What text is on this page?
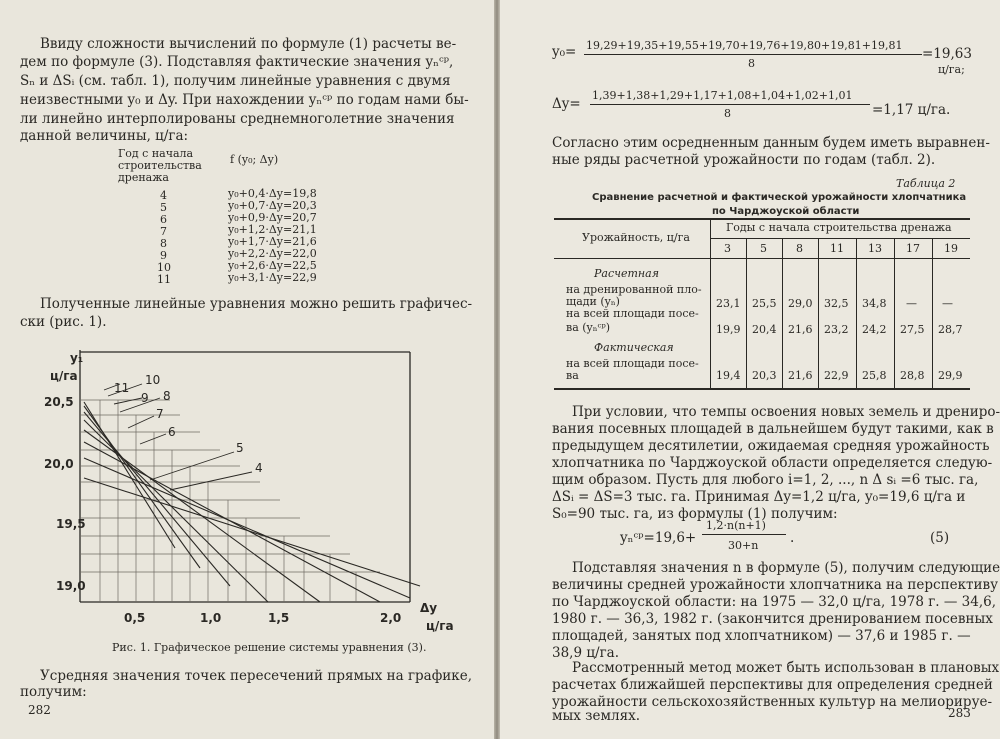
Ввиду сложности вычислений по формуле (1) расчеты ве-
дем по формуле (3). Подставляя фактические значения yₙᶜᵖ,
Sₙ и ΔSᵢ (см. табл. 1), получим линейные уравнения с двумя
неизвестными y₀ и Δy. При нахождении yₙᶜᵖ по годам нами бы-
ли линейно интерполированы среднемноголетние значения
данной величины, ц/га:
Год с начала
строительства
дренажа
f (y₀; Δy)
4	y₀+0,4·Δy=19,8
5	y₀+0,7·Δy=20,3
6	y₀+0,9·Δy=20,7
7	y₀+1,2·Δy=21,1
8	y₀+1,7·Δy=21,6
9	y₀+2,2·Δy=22,0
10	y₀+2,6·Δy=22,5
11	y₀+3,1·Δy=22,9
Полученные линейные уравнения можно решить графичес-
ски (рис. 1).
11
10
9 8
7
6
5
4
y₁
ц/га
20,5
20,0
19,5
19,0
0,5	1,0	1,5	2,0
Δy
ц/га
Рис. 1. Графическое решение системы уравнения (3).
Усредняя значения точек пересечений прямых на графике,
получим:
282
y₀= 19,29+19,35+19,55+19,70+19,76+19,80+19,81+19,81
8
=19,63
ц/га;
Δy=
1,39+1,38+1,29+1,17+1,08+1,04+1,02+1,01
8	=1,17 ц/га.
Согласно этим осредненным данным будем иметь выравнен-
ные ряды расчетной урожайности по годам (табл. 2).
Таблица 2
Сравнение расчетной и фактической урожайности хлопчатника
по Чарджоуской области
Урожайность, ц/га
Годы с начала строительства дренажа
3	5	8 11 13 17 19
Расчетная
на дренированной пло-
щади (yₙ)
на всей площади посе-
ва (yₙᶜᵖ)
23,1 25,5 29,0 32,5 34,8 — —
19,9 20,4 21,6 23,2 24,2 27,5 28,7
Фактическая
на всей площади посе-
ва	19,4 20,3 21,6 22,9 25,8 28,8 29,9
При условии, что темпы освоения новых земель и дрениро-
вания посевных площадей в дальнейшем будут такими, как в
предыдущем десятилетии, ожидаемая средняя урожайность
хлопчатника по Чарджоуской области определяется следую-
щим образом. Пусть для любого i=1, 2, ..., n Δ sᵢ =6 тыс. га,
ΔSᵢ = ΔS=3 тыс. га. Принимая Δy=1,2 ц/га, y₀=19,6 ц/га и
S₀=90 тыс. га, из формулы (1) получим:
yₙᶜᵖ=19,6+
1,2·n(n+1)
30+n .	(5)
Подставляя значения n в формуле (5), получим следующие
величины средней урожайности хлопчатника на перспективу
по Чарджоуской области: на 1975 — 32,0 ц/га, 1978 г. — 34,6,
1980 г. — 36,3, 1982 г. (закончится дренированием посевных
площадей, занятых под хлопчатником) — 37,6 и 1985 г. —
38,9 ц/га.
Рассмотренный метод может быть использован в плановых
расчетах ближайшей перспективы для определения средней
урожайности сельскохозяйственных культур на мелиорируе-
мых землях.	283
